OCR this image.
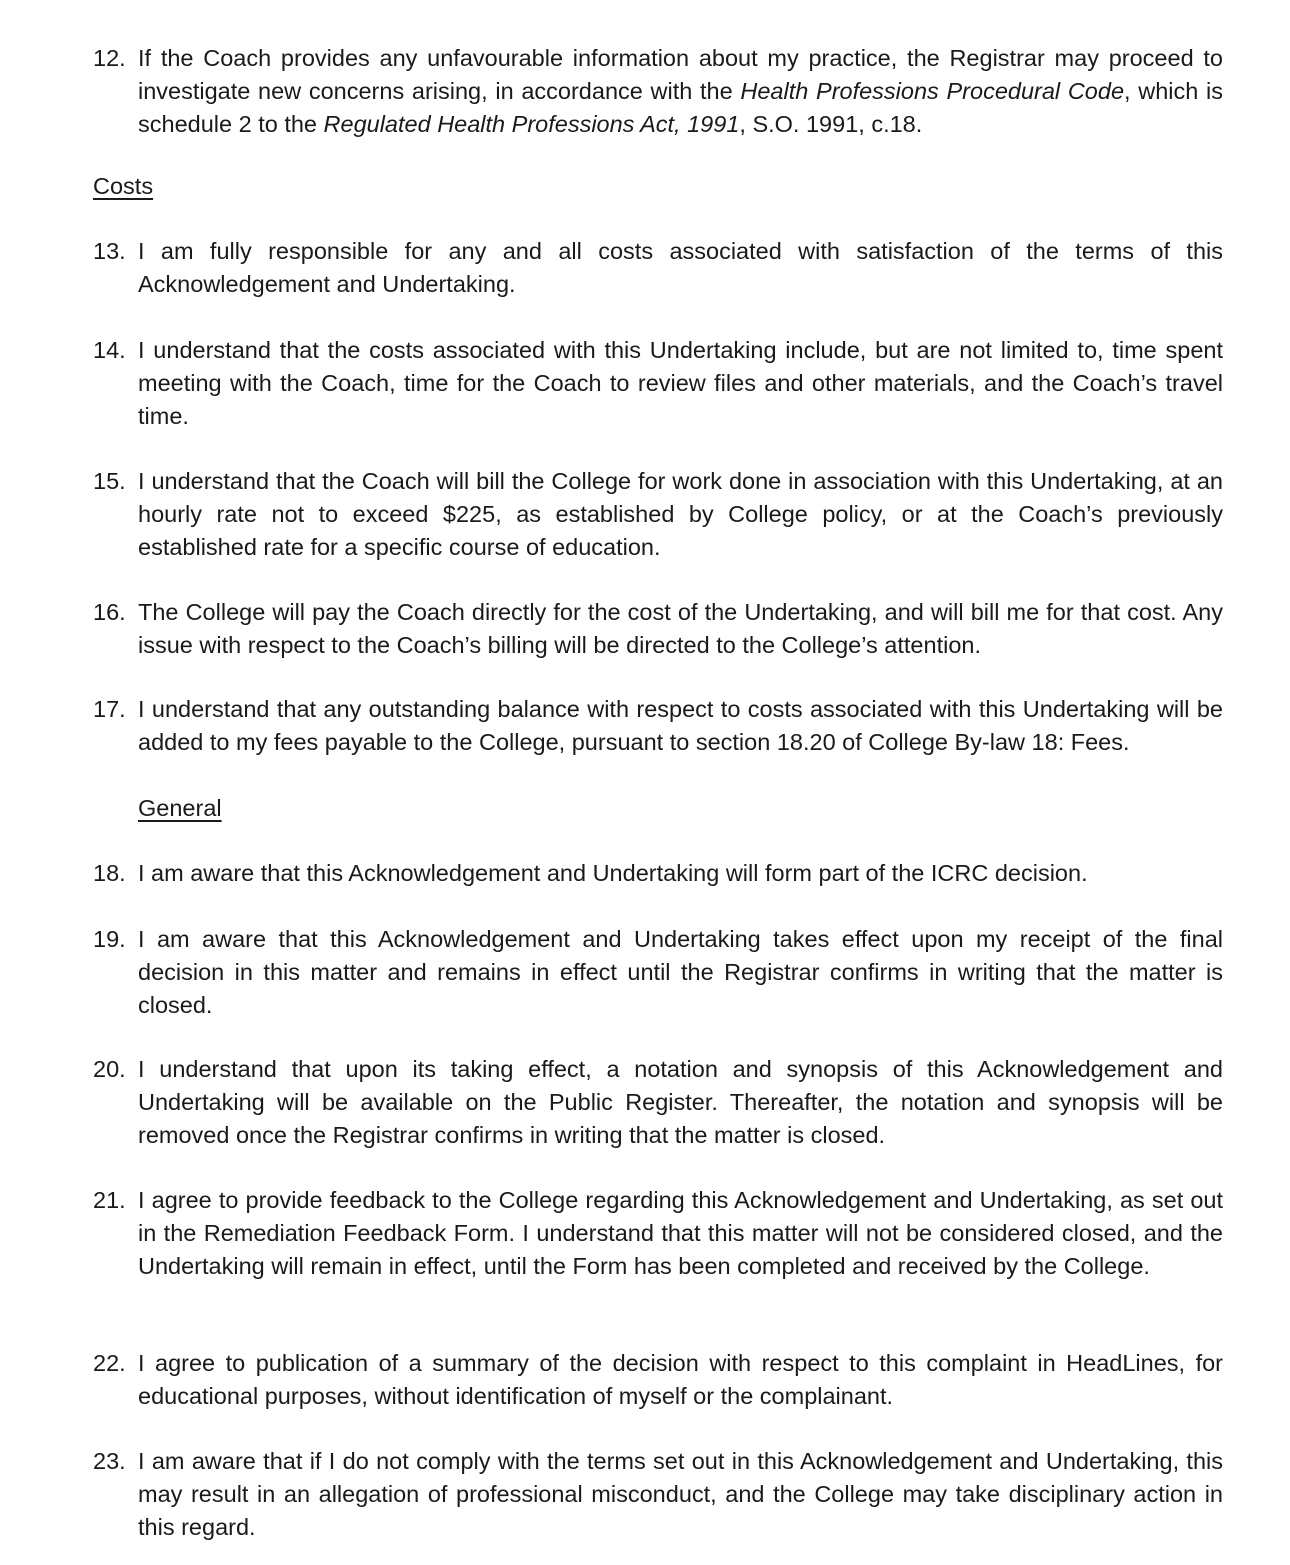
12. If the Coach provides any unfavourable information about my practice, the Registrar may proceed to investigate new concerns arising, in accordance with the Health Professions Procedural Code, which is schedule 2 to the Regulated Health Professions Act, 1991, S.O. 1991, c.18.
Costs
13. I am fully responsible for any and all costs associated with satisfaction of the terms of this Acknowledgement and Undertaking.
14. I understand that the costs associated with this Undertaking include, but are not limited to, time spent meeting with the Coach, time for the Coach to review files and other materials, and the Coach’s travel time.
15. I understand that the Coach will bill the College for work done in association with this Undertaking, at an hourly rate not to exceed $225, as established by College policy, or at the Coach’s previously established rate for a specific course of education.
16. The College will pay the Coach directly for the cost of the Undertaking, and will bill me for that cost. Any issue with respect to the Coach’s billing will be directed to the College’s attention.
17. I understand that any outstanding balance with respect to costs associated with this Undertaking will be added to my fees payable to the College, pursuant to section 18.20 of College By-law 18: Fees.
General
18. I am aware that this Acknowledgement and Undertaking will form part of the ICRC decision.
19. I am aware that this Acknowledgement and Undertaking takes effect upon my receipt of the final decision in this matter and remains in effect until the Registrar confirms in writing that the matter is closed.
20. I understand that upon its taking effect, a notation and synopsis of this Acknowledgement and Undertaking will be available on the Public Register. Thereafter, the notation and synopsis will be removed once the Registrar confirms in writing that the matter is closed.
21. I agree to provide feedback to the College regarding this Acknowledgement and Undertaking, as set out in the Remediation Feedback Form. I understand that this matter will not be considered closed, and the Undertaking will remain in effect, until the Form has been completed and received by the College.
22. I agree to publication of a summary of the decision with respect to this complaint in HeadLines, for educational purposes, without identification of myself or the complainant.
23. I am aware that if I do not comply with the terms set out in this Acknowledgement and Undertaking, this may result in an allegation of professional misconduct, and the College may take disciplinary action in this regard.
